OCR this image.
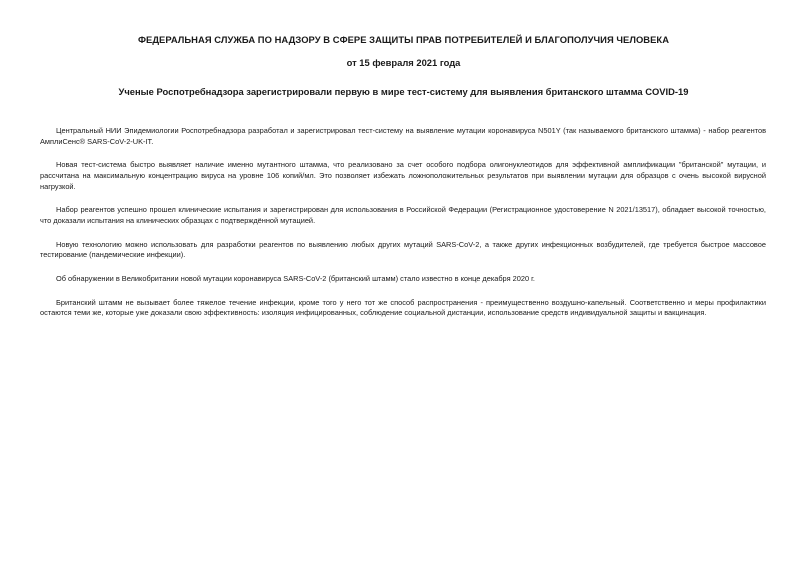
ФЕДЕРАЛЬНАЯ СЛУЖБА ПО НАДЗОРУ В СФЕРЕ ЗАЩИТЫ ПРАВ ПОТРЕБИТЕЛЕЙ И БЛАГОПОЛУЧИЯ ЧЕЛОВЕКА
от 15 февраля 2021 года
Ученые Роспотребнадзора зарегистрировали первую в мире тест-систему для выявления британского штамма COVID-19

Центральный НИИ Эпидемиологии Роспотребнадзора разработал и зарегистрировал тест-систему на выявление мутации коронавируса N501Y (так называемого британского штамма) - набор реагентов АмплиСенс® SARS-CoV-2-UK-IT.

Новая тест-система быстро выявляет наличие именно мутантного штамма, что реализовано за счет особого подбора олигонуклеотидов для эффективной амплификации "британской" мутации, и рассчитана на максимальную концентрацию вируса на уровне 106 копий/мл. Это позволяет избежать ложноположительных результатов при выявлении мутации для образцов с очень высокой вирусной нагрузкой.

Набор реагентов успешно прошел клинические испытания и зарегистрирован для использования в Российской Федерации (Регистрационное удостоверение N 2021/13517), обладает высокой точностью, что доказали испытания на клинических образцах с подтверждённой мутацией.

Новую технологию можно использовать для разработки реагентов по выявлению любых других мутаций SARS-CoV-2, а также других инфекционных возбудителей, где требуется быстрое массовое тестирование (пандемические инфекции).

Об обнаружении в Великобритании новой мутации коронавируса SARS-CoV-2 (британский штамм) стало известно в конце декабря 2020 г.

Британский штамм не вызывает более тяжелое течение инфекции, кроме того у него тот же способ распространения - преимущественно воздушно-капельный. Соответственно и меры профилактики остаются теми же, которые уже доказали свою эффективность: изоляция инфицированных, соблюдение социальной дистанции, использование средств индивидуальной защиты и вакцинация.
